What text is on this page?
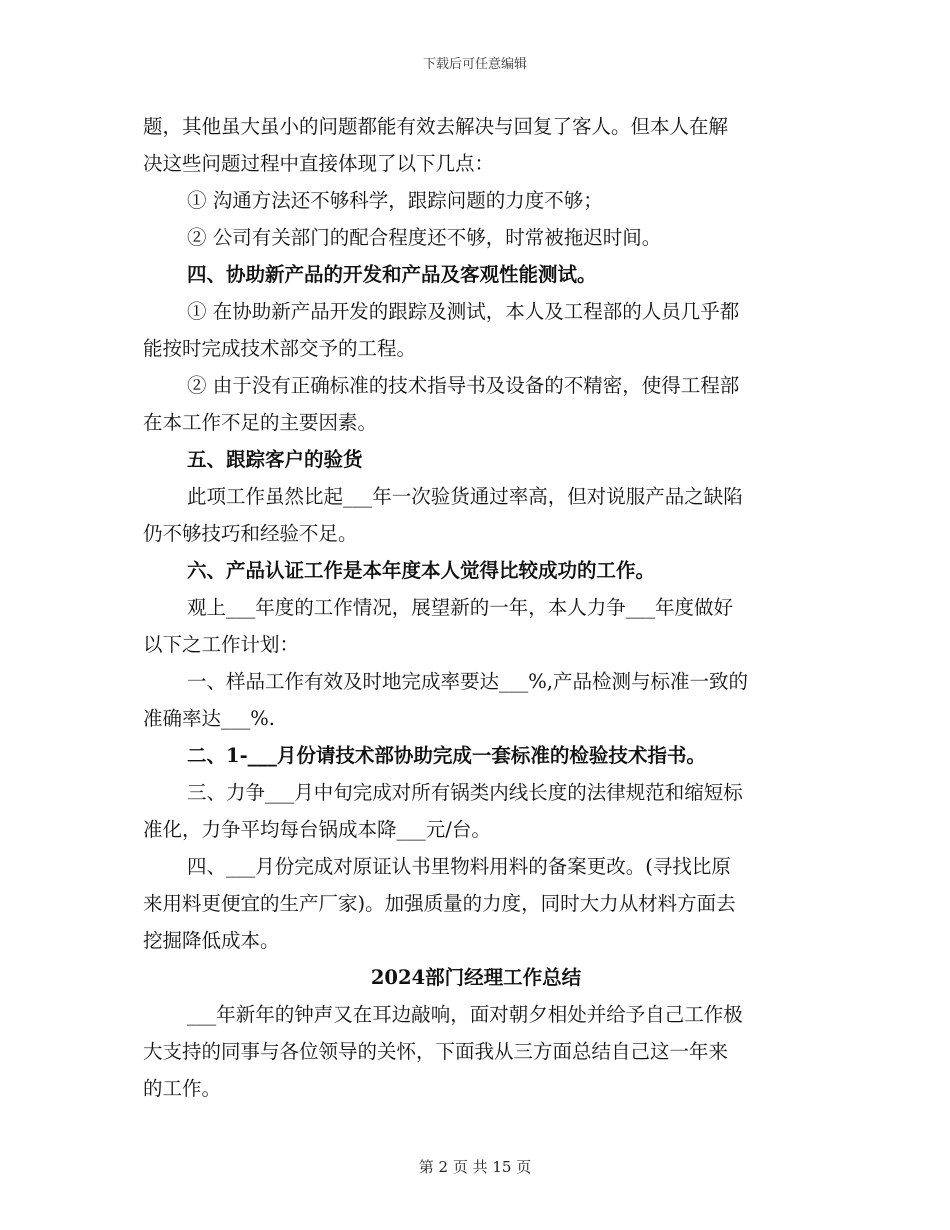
下载后可任意编辑
题，其他虽大虽小的问题都能有效去解决与回复了客人。但本人在解
决这些问题过程中直接体现了以下几点：
① 沟通方法还不够科学，跟踪问题的力度不够；
② 公司有关部门的配合程度还不够，时常被拖迟时间。
四、协助新产品的开发和产品及客观性能测试。
① 在协助新产品开发的跟踪及测试，本人及工程部的人员几乎都
能按时完成技术部交予的工程。
② 由于没有正确标准的技术指导书及设备的不精密，使得工程部
在本工作不足的主要因素。
五、跟踪客户的验货
此项工作虽然比起___年一次验货通过率高，但对说服产品之缺陷
仍不够技巧和经验不足。
六、产品认证工作是本年度本人觉得比较成功的工作。
观上___年度的工作情况，展望新的一年，本人力争___年度做好
以下之工作计划：
一、样品工作有效及时地完成率要达___%,产品检测与标准一致的
准确率达___%.
二、1-___月份请技术部协助完成一套标准的检验技术指书。
三、力争___月中旬完成对所有锅类内线长度的法律规范和缩短标
准化，力争平均每台锅成本降___元/台。
四、___月份完成对原证认书里物料用料的备案更改。(寻找比原
来用料更便宜的生产厂家)。加强质量的力度，同时大力从材料方面去
挖掘降低成本。
2024部门经理工作总结
___年新年的钟声又在耳边敲响，面对朝夕相处并给予自己工作极
大支持的同事与各位领导的关怀，下面我从三方面总结自己这一年来
的工作。
第 2 页 共 15 页
